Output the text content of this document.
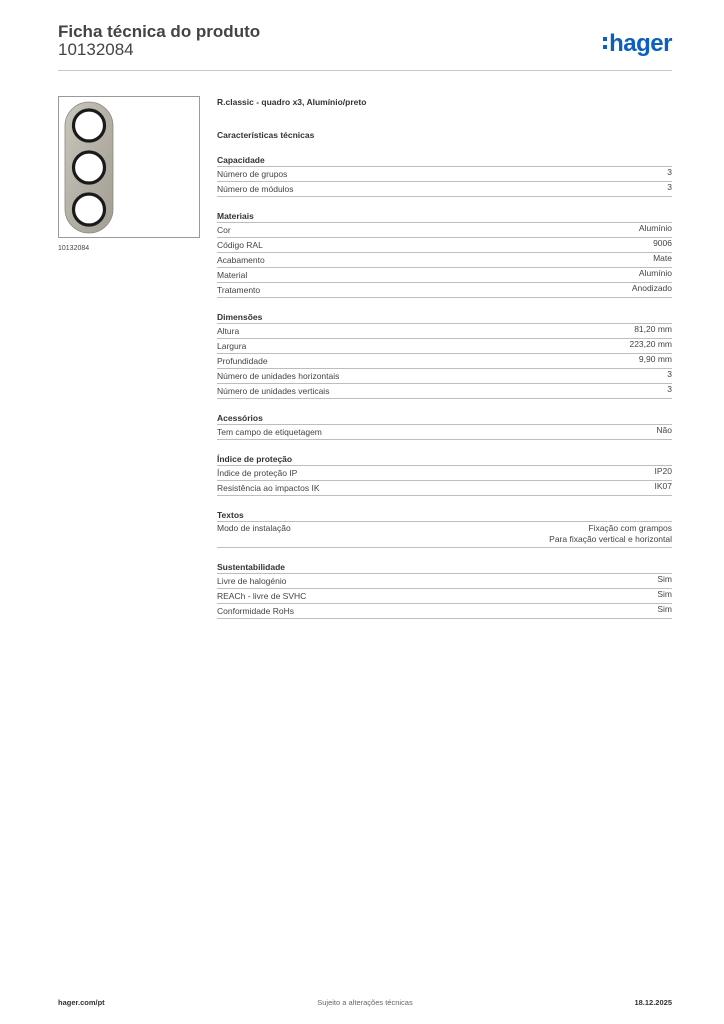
Ficha técnica do produto
10132084	hager
10132084
R.classic - quadro x3, Alumínio/preto
Características técnicas
Capacidade
Número de grupos	3
Número de módulos	3
Materiais
Cor	Alumínio
Código RAL	9006
Acabamento	Mate
Material	Alumínio
Tratamento	Anodizado
Dimensões
Altura	81,20 mm
Largura	223,20 mm
Profundidade	9,90 mm
Número de unidades horizontais	3
Número de unidades verticais	3
Acessórios
Tem campo de etiquetagem	Não
Índice de proteção
Índice de proteção IP	IP20
Resistência ao impactos IK	IK07
Textos
Modo de instalação	Fixação com grampos
Para fixação vertical e horizontal
Sustentabilidade
Livre de halogénio	Sim
REACh - livre de SVHC	Sim
Conformidade RoHs	Sim
hager.com/pt	Sujeito a alterações técnicas	18.12.2025
